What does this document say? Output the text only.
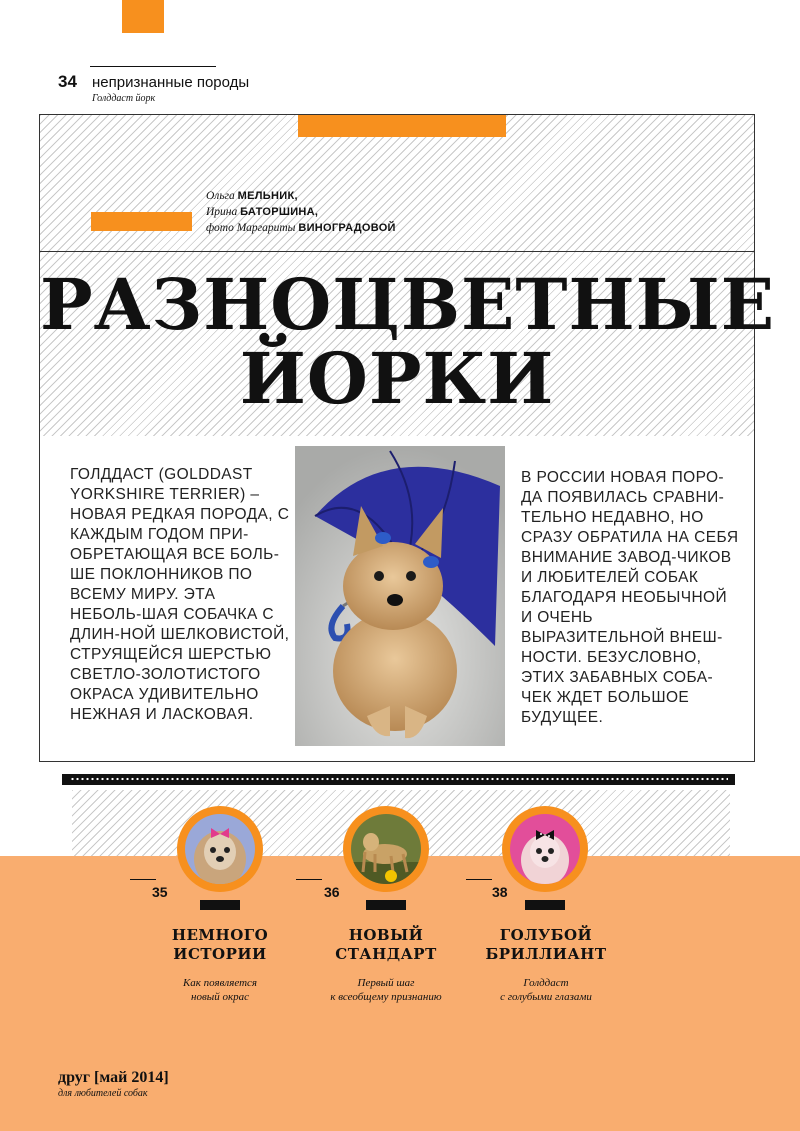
34 непризнанные породы
Голддаст йорк
Ольга МЕЛЬНИК,
Ирина БАТОРШИНА,
фото Маргариты ВИНОГРАДОВОЙ
РАЗНОЦВЕТНЫЕ
ЙОРКИ
ГОЛДДАСТ (GOLDDAST YORKSHIRE TERRIER) – НОВАЯ РЕДКАЯ ПОРОДА, С КАЖДЫМ ГОДОМ ПРИ-ОБРЕТАЮЩАЯ ВСЕ БОЛЬ-ШЕ ПОКЛОННИКОВ ПО ВСЕМУ МИРУ. ЭТА НЕБОЛЬ-ШАЯ СОБАЧКА С ДЛИН-НОЙ ШЕЛКОВИСТОЙ, СТРУЯЩЕЙСЯ ШЕРСТЬЮ СВЕТЛО-ЗОЛОТИСТОГО ОКРАСА УДИВИТЕЛЬНО НЕЖНАЯ И ЛАСКОВАЯ.
В РОССИИ НОВАЯ ПОРО-ДА ПОЯВИЛАСЬ СРАВНИ-ТЕЛЬНО НЕДАВНО, НО СРАЗУ ОБРАТИЛА НА СЕБЯ ВНИМАНИЕ ЗАВОД-ЧИКОВ И ЛЮБИТЕЛЕЙ СОБАК БЛАГОДАРЯ НЕОБЫЧНОЙ И ОЧЕНЬ ВЫРАЗИТЕЛЬНОЙ ВНЕШ-НОСТИ. БЕЗУСЛОВНО, ЭТИХ ЗАБАВНЫХ СОБА-ЧЕК ЖДЕТ БОЛЬШОЕ БУДУЩЕЕ.
35
НЕМНОГО
ИСТОРИИ
Как появляется
новый окрас
36
НОВЫЙ
СТАНДАРТ
Первый шаг
к всеобщему признанию
38
ГОЛУБОЙ
БРИЛЛИАНТ
Голддаст
с голубыми глазами
друг [май 2014]
для любителей собак
